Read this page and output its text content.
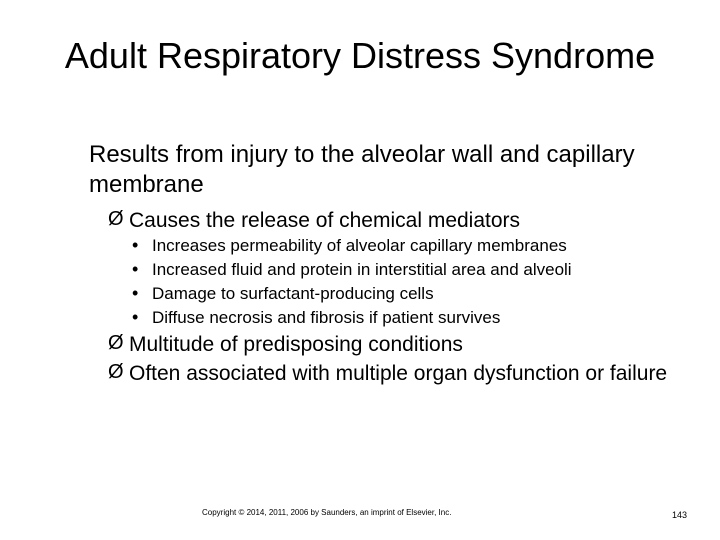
Adult Respiratory Distress Syndrome
Results from injury to the alveolar wall and capillary membrane
Ø Causes the release of chemical mediators
• Increases permeability of alveolar capillary membranes
• Increased fluid and protein in interstitial area and alveoli
• Damage to surfactant-producing cells
• Diffuse necrosis and fibrosis if patient survives
Ø Multitude of predisposing conditions
Ø Often associated with multiple organ dysfunction or failure
Copyright © 2014, 2011, 2006 by Saunders, an imprint of Elsevier, Inc.	143
